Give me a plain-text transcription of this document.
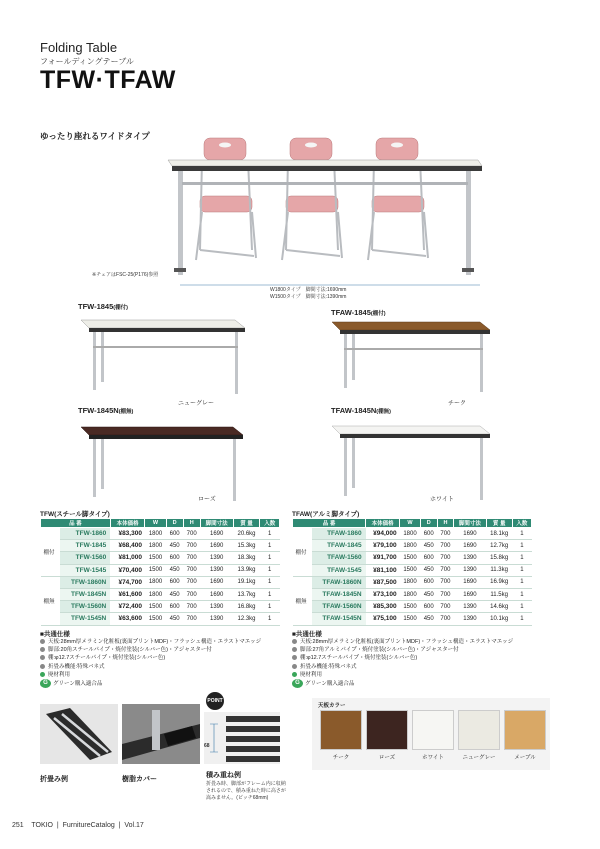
Folding Table
フォールディングテーブル
TFW·TFAW
ゆったり座れるワイドタイプ
※チェアはFSC-25(P176)参照
W1800タイプ　脚間寸法:1690mm
W1500タイプ　脚間寸法:1390mm
TFW-1845(棚付)
ニューグレー
TFAW-1845(棚付)
チーク
TFW-1845N(棚無)
ローズ
TFAW-1845N(棚無)
ホワイト
TFW(スチール脚タイプ)
品 番		本体価格	W	D	H	脚間寸法	質 量	入数
棚付	TFW-1860	¥83,300	1800	600	700	1690	20.6kg	1
	TFW-1845	¥68,400	1800	450	700	1690	15.3kg	1
	TFW-1560	¥81,000	1500	600	700	1390	18.3kg	1
	TFW-1545	¥70,400	1500	450	700	1390	13.9kg	1
棚無	TFW-1860N	¥74,700	1800	600	700	1690	19.1kg	1
	TFW-1845N	¥61,600	1800	450	700	1690	13.7kg	1
	TFW-1560N	¥72,400	1500	600	700	1390	16.8kg	1
	TFW-1545N	¥63,600	1500	450	700	1390	12.3kg	1
TFAW(アルミ脚タイプ)
品 番		本体価格	W	D	H	脚間寸法	質 量	入数
棚付	TFAW-1860	¥94,000	1800	600	700	1690	18.1kg	1
	TFAW-1845	¥79,100	1800	450	700	1690	12.7kg	1
	TFAW-1560	¥91,700	1500	600	700	1390	15.8kg	1
	TFAW-1545	¥81,100	1500	450	700	1390	11.3kg	1
棚無	TFAW-1860N	¥87,500	1800	600	700	1690	16.9kg	1
	TFAW-1845N	¥73,100	1800	450	700	1690	11.5kg	1
	TFAW-1560N	¥85,300	1500	600	700	1390	14.6kg	1
	TFAW-1545N	¥75,100	1500	450	700	1390	10.1kg	1
■共通仕様
天板:28mm厚メラミン化粧板(裏面プリントMDF)・フラッシュ構造・エラストマエッジ
脚部:20角スチールパイプ・焼付塗装(シルバー色)・アジャスター付
棚:φ12.7スチールパイプ・焼付塗装(シルバー色)
折畳み機能:特殊バネ式
廃材利用
G グリーン購入適合品
■共通仕様
天板:28mm厚メラミン化粧板(裏面プリントMDF)・フラッシュ構造・エラストマエッジ
脚部:27角アルミパイプ・焼付塗装(シルバー色)・アジャスター付
棚:φ12.7スチールパイプ・焼付塗装(シルバー色)
折畳み機能:特殊バネ式
廃材利用
G グリーン購入適合品
折畳み例	樹脂カバー
POINT
68
積み重ね例
折畳み時、脚部がフレーム内に収納されるので、積み重ねた時に高さが嵩みません。(ピッチ68mm)
天板カラー
チーク	ローズ	ホワイト	ニューグレー	メープル
251 TOKIO  |  FurnitureCatalog  |  Vol.17
